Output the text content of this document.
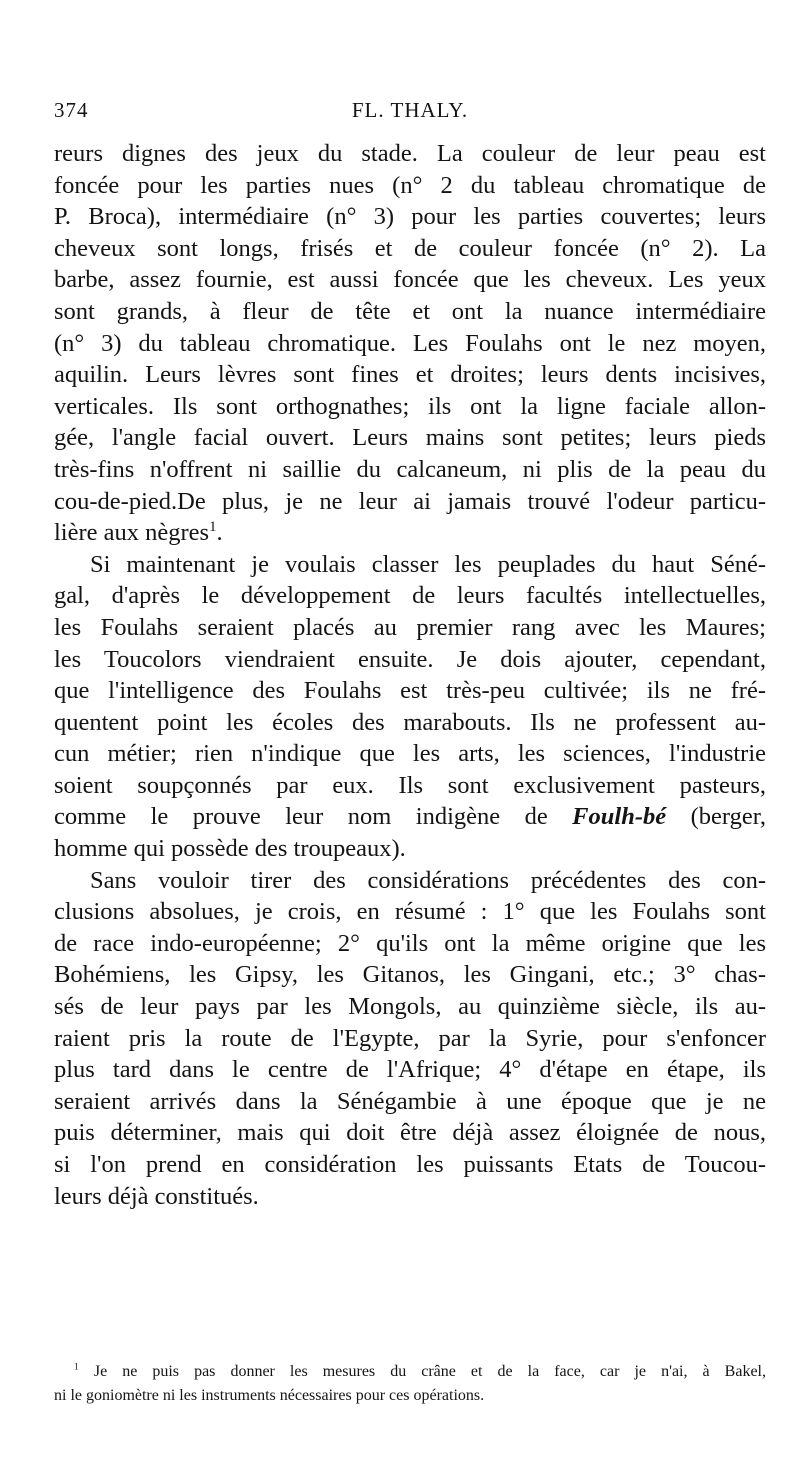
374	FL. THALY.
reurs dignes des jeux du stade. La couleur de leur peau est
foncée pour les parties nues (n° 2 du tableau chromatique de
P. Broca), intermédiaire (n° 3) pour les parties couvertes; leurs
cheveux sont longs, frisés et de couleur foncée (n° 2). La
barbe, assez fournie, est aussi foncée que les cheveux. Les yeux
sont grands, à fleur de tête et ont la nuance intermédiaire
(n° 3) du tableau chromatique. Les Foulahs ont le nez moyen,
aquilin. Leurs lèvres sont fines et droites; leurs dents incisives,
verticales. Ils sont orthognathes; ils ont la ligne faciale allon-
gée, l'angle facial ouvert. Leurs mains sont petites; leurs pieds
très-fins n'offrent ni saillie du calcaneum, ni plis de la peau du
cou-de-pied.De plus, je ne leur ai jamais trouvé l'odeur particu-
lière aux nègres$^1$.
Si maintenant je voulais classer les peuplades du haut Séné-
gal, d'après le développement de leurs facultés intellectuelles,
les Foulahs seraient placés au premier rang avec les Maures;
les Toucolors viendraient ensuite. Je dois ajouter, cependant,
que l'intelligence des Foulahs est très-peu cultivée; ils ne fré-
quentent point les écoles des marabouts. Ils ne professent au-
cun métier; rien n'indique que les arts, les sciences, l'industrie
soient soupçonnés par eux. Ils sont exclusivement pasteurs,
comme le prouve leur nom indigène de Foulh-bé (berger,
homme qui possède des troupeaux).
Sans vouloir tirer des considérations précédentes des con-
clusions absolues, je crois, en résumé : 1° que les Foulahs sont
de race indo-européenne; 2° qu'ils ont la même origine que les
Bohémiens, les Gipsy, les Gitanos, les Gingani, etc.; 3° chas-
sés de leur pays par les Mongols, au quinzième siècle, ils au-
raient pris la route de l'Egypte, par la Syrie, pour s'enfoncer
plus tard dans le centre de l'Afrique; 4° d'étape en étape, ils
seraient arrivés dans la Sénégambie à une époque que je ne
puis déterminer, mais qui doit être déjà assez éloignée de nous,
si l'on prend en considération les puissants Etats de Toucou-
leurs déjà constitués.
$^1$ Je ne puis pas donner les mesures du crâne et de la face, car je n'ai, à Bakel,
ni le goniomètre ni les instruments nécessaires pour ces opérations.
